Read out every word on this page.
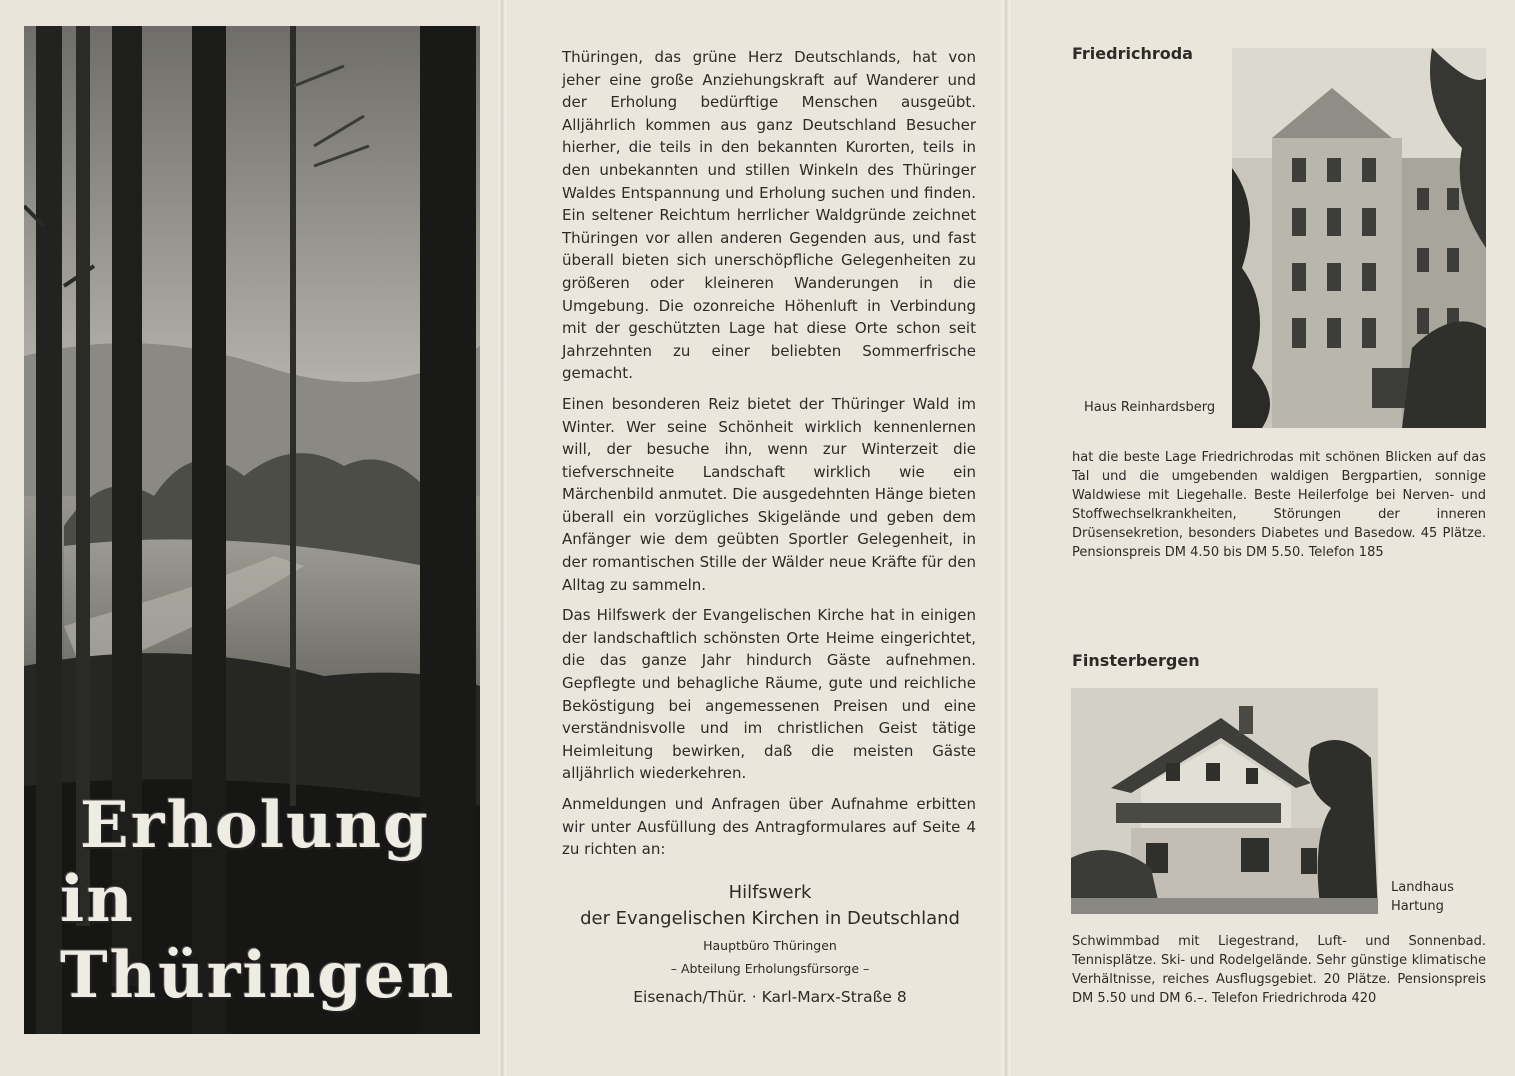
Erholung
in Thüringen

Thüringen, das grüne Herz Deutschlands, hat von jeher eine große Anziehungskraft auf Wanderer und der Erholung bedürftige Menschen ausgeübt. Alljährlich kommen aus ganz Deutschland Besucher hierher, die teils in den bekannten Kurorten, teils in den unbekannten und stillen Winkeln des Thüringer Waldes Entspannung und Erholung suchen und finden. Ein seltener Reichtum herrlicher Waldgründe zeichnet Thüringen vor allen anderen Gegenden aus, und fast überall bieten sich unerschöpfliche Gelegenheiten zu größeren oder kleineren Wanderungen in die Umgebung. Die ozonreiche Höhenluft in Verbindung mit der geschützten Lage hat diese Orte schon seit Jahrzehnten zu einer beliebten Sommerfrische gemacht.

Einen besonderen Reiz bietet der Thüringer Wald im Winter. Wer seine Schönheit wirklich kennenlernen will, der besuche ihn, wenn zur Winterzeit die tiefverschneite Landschaft wirklich wie ein Märchenbild anmutet. Die ausgedehnten Hänge bieten überall ein vorzügliches Skigelände und geben dem Anfänger wie dem geübten Sportler Gelegenheit, in der romantischen Stille der Wälder neue Kräfte für den Alltag zu sammeln.

Das Hilfswerk der Evangelischen Kirche hat in einigen der landschaftlich schönsten Orte Heime eingerichtet, die das ganze Jahr hindurch Gäste aufnehmen. Gepflegte und behagliche Räume, gute und reichliche Beköstigung bei angemessenen Preisen und eine verständnisvolle und im christlichen Geist tätige Heimleitung bewirken, daß die meisten Gäste alljährlich wiederkehren.

Anmeldungen und Anfragen über Aufnahme erbitten wir unter Ausfüllung des Antragformulares auf Seite 4 zu richten an:

Hilfswerk
der Evangelischen Kirchen in Deutschland
Hauptbüro Thüringen
– Abteilung Erholungsfürsorge –
Eisenach/Thür. · Karl-Marx-Straße 8
Friedrichroda
Haus Reinhardsberg
hat die beste Lage Friedrichrodas mit schönen Blicken auf das Tal und die umgebenden waldigen Bergpartien, sonnige Waldwiese mit Liegehalle. Beste Heilerfolge bei Nerven- und Stoffwechselkrankheiten, Störungen der inneren Drüsensekretion, besonders Diabetes und Basedow. 45 Plätze. Pensionspreis DM 4.50 bis DM 5.50. Telefon 185
Finsterbergen
Landhaus
Hartung
Schwimmbad mit Liegestrand, Luft- und Sonnenbad. Tennisplätze. Ski- und Rodelgelände. Sehr günstige klimatische Verhältnisse, reiches Ausflugsgebiet. 20 Plätze. Pensionspreis DM 5.50 und DM 6.–. Telefon Friedrichroda 420
